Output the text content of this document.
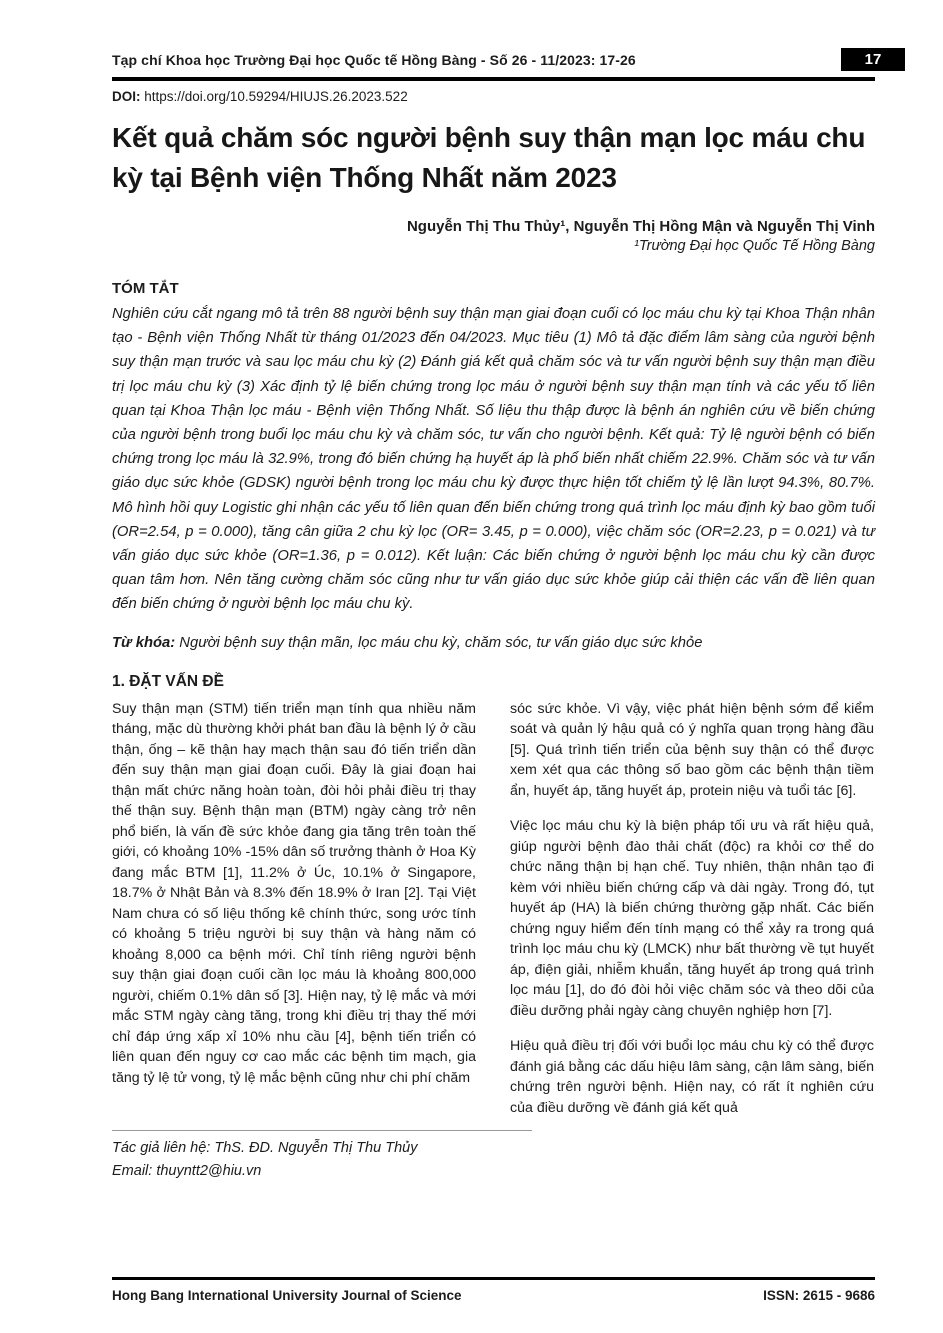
Tạp chí Khoa học Trường Đại học Quốc tế Hồng Bàng - Số 26 - 11/2023: 17-26	17
DOI: https://doi.org/10.59294/HIUJS.26.2023.522
Kết quả chăm sóc người bệnh suy thận mạn lọc máu chu kỳ tại Bệnh viện Thống Nhất năm 2023
Nguyễn Thị Thu Thủy¹, Nguyễn Thị Hồng Mận và Nguyễn Thị Vinh
¹Trường Đại học Quốc Tế Hồng Bàng
TÓM TẮT

Nghiên cứu cắt ngang mô tả trên 88 người bệnh suy thận mạn giai đoạn cuối có lọc máu chu kỳ tại Khoa Thận nhân tạo - Bệnh viện Thống Nhất từ tháng 01/2023 đến 04/2023. Mục tiêu (1) Mô tả đặc điểm lâm sàng của người bệnh suy thận mạn trước và sau lọc máu chu kỳ (2) Đánh giá kết quả chăm sóc và tư vấn người bệnh suy thận mạn điều trị lọc máu chu kỳ (3) Xác định tỷ lệ biến chứng trong lọc máu ở người bệnh suy thận mạn tính và các yếu tố liên quan tại Khoa Thận lọc máu - Bệnh viện Thống Nhất. Số liệu thu thập được là bệnh án nghiên cứu về biến chứng của người bệnh trong buổi lọc máu chu kỳ và chăm sóc, tư vấn cho người bệnh. Kết quả: Tỷ lệ người bệnh có biến chứng trong lọc máu là 32.9%, trong đó biến chứng hạ huyết áp là phổ biến nhất chiếm 22.9%. Chăm sóc và tư vấn giáo dục sức khỏe (GDSK) người bệnh trong lọc máu chu kỳ được thực hiện tốt chiếm tỷ lệ lần lượt 94.3%, 80.7%. Mô hình hồi quy Logistic ghi nhận các yếu tố liên quan đến biến chứng trong quá trình lọc máu định kỳ bao gồm tuổi (OR=2.54, p = 0.000), tăng cân giữa 2 chu kỳ lọc (OR= 3.45, p = 0.000), việc chăm sóc (OR=2.23, p = 0.021) và tư vấn giáo dục sức khỏe (OR=1.36, p = 0.012). Kết luận: Các biến chứng ở người bệnh lọc máu chu kỳ cần được quan tâm hơn. Nên tăng cường chăm sóc cũng như tư vấn giáo dục sức khỏe giúp cải thiện các vấn đề liên quan đến biến chứng ở người bệnh lọc máu chu kỳ.

Từ khóa: Người bệnh suy thận mãn, lọc máu chu kỳ, chăm sóc, tư vấn giáo dục sức khỏe
1. ĐẶT VẤN ĐỀ

Suy thận mạn (STM) tiến triển mạn tính qua nhiều năm tháng, mặc dù thường khởi phát ban đầu là bệnh lý ở cầu thận, ống – kẽ thận hay mạch thận sau đó tiến triển dần đến suy thận mạn giai đoạn cuối. Đây là giai đoạn hai thận mất chức năng hoàn toàn, đòi hỏi phải điều trị thay thế thận suy. Bệnh thận mạn (BTM) ngày càng trở nên phổ biến, là vấn đề sức khỏe đang gia tăng trên toàn thế giới, có khoảng 10% -15% dân số trưởng thành ở Hoa Kỳ đang mắc BTM [1], 11.2% ở Úc, 10.1% ở Singapore, 18.7% ở Nhật Bản và 8.3% đến 18.9% ở Iran [2]. Tại Việt Nam chưa có số liệu thống kê chính thức, song ước tính có khoảng 5 triệu người bị suy thận và hàng năm có khoảng 8,000 ca bệnh mới. Chỉ tính riêng người bệnh suy thận giai đoạn cuối cần lọc máu là khoảng 800,000 người, chiếm 0.1% dân số [3]. Hiện nay, tỷ lệ mắc và mới mắc STM ngày càng tăng, trong khi điều trị thay thế mới chỉ đáp ứng xấp xỉ 10% nhu cầu [4], bệnh tiến triển có liên quan đến nguy cơ cao mắc các bệnh tim mạch, gia tăng tỷ lệ tử vong, tỷ lệ mắc bệnh cũng như chi phí chăm

sóc sức khỏe. Vì vậy, việc phát hiện bệnh sớm để kiểm soát và quản lý hậu quả có ý nghĩa quan trọng hàng đầu [5]. Quá trình tiến triển của bệnh suy thận có thể được xem xét qua các thông số bao gồm các bệnh thận tiềm ẩn, huyết áp, tăng huyết áp, protein niệu và tuổi tác [6].

Việc lọc máu chu kỳ là biện pháp tối ưu và rất hiệu quả, giúp người bệnh đào thải chất (độc) ra khỏi cơ thể do chức năng thận bị hạn chế. Tuy nhiên, thận nhân tạo đi kèm với nhiều biến chứng cấp và dài ngày. Trong đó, tụt huyết áp (HA) là biến chứng thường gặp nhất. Các biến chứng nguy hiểm đến tính mạng có thể xảy ra trong quá trình lọc máu chu kỳ (LMCK) như bất thường về tụt huyết áp, điện giải, nhiễm khuẩn, tăng huyết áp trong quá trình lọc máu [1], do đó đòi hỏi việc chăm sóc và theo dõi của điều dưỡng phải ngày càng chuyên nghiệp hơn [7].

Hiệu quả điều trị đối với buổi lọc máu chu kỳ có thể được đánh giá bằng các dấu hiệu lâm sàng, cận lâm sàng, biến chứng trên người bệnh. Hiện nay, có rất ít nghiên cứu của điều dưỡng về đánh giá kết quả

Tác giả liên hệ: ThS. ĐD. Nguyễn Thị Thu Thủy
Email: thuyntt2@hiu.vn
Hong Bang International University Journal of Science	ISSN: 2615 - 9686
